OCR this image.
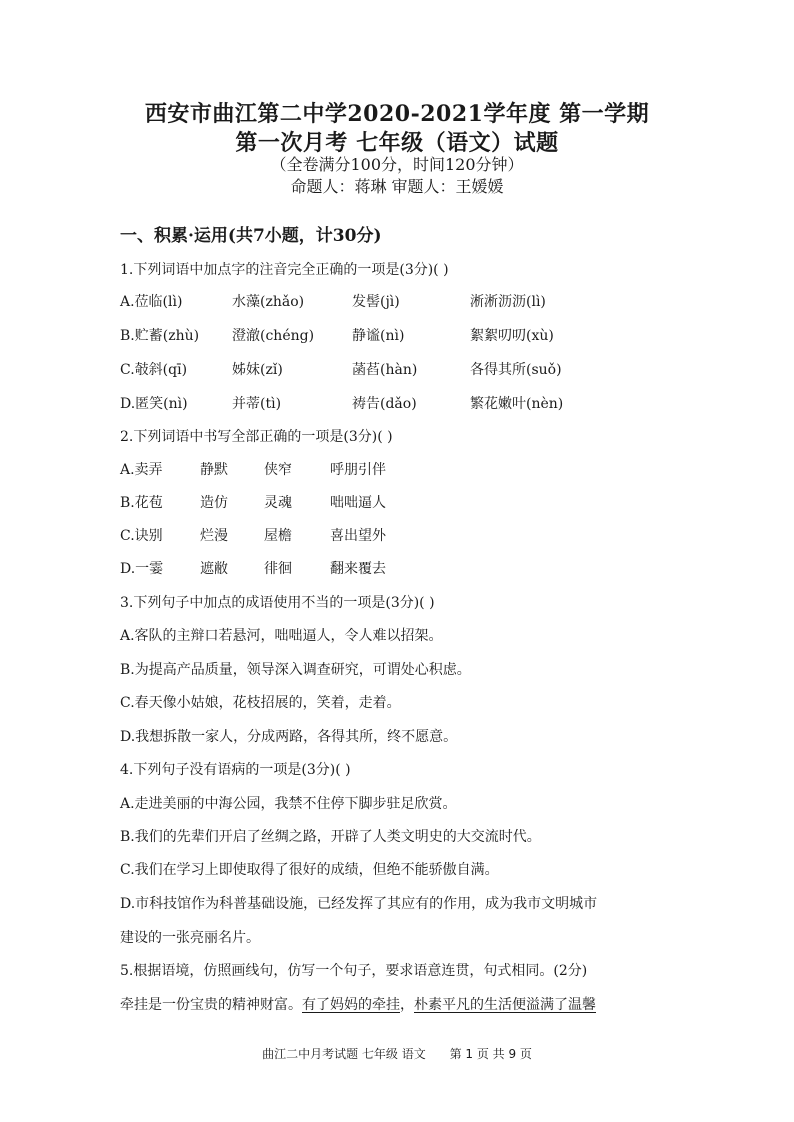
西安市曲江第二中学2020-2021学年度 第一学期
第一次月考 七年级（语文）试题
（全卷满分100分，时间120分钟）
命题人：蒋琳 审题人：王媛媛
一、积累·运用(共7小题，计30分)
1.下列词语中加点字的注音完全正确的一项是(3分)( )
A.莅临(lì)	水藻(zhǎo)	发髻(jì)	淅淅沥沥(lì)
B.贮蓄(zhù) 澄澈(chéng)	静谧(nì)	絮絮叨叨(xù)
C.攲斜(qī)	姊妹(zǐ)	菡萏(hàn)	各得其所(suǒ)
D.匿笑(nì)	并蒂(tì)	祷告(dǎo)	繁花嫩叶(nèn)
2.下列词语中书写全部正确的一项是(3分)( )
A.卖弄	静默	侠窄	呼朋引伴
B.花苞	造仿	灵魂	咄咄逼人
C.诀别	烂漫	屋檐	喜出望外
D.一霎	遮敝	徘徊	翻来覆去
3.下列句子中加点的成语使用不当的一项是(3分)( )
A.客队的主辩口若悬河，咄咄逼人，令人难以招架。
B.为提高产品质量，领导深入调查研究，可谓处心积虑。
C.春天像小姑娘，花枝招展的，笑着，走着。
D.我想拆散一家人，分成两路，各得其所，终不愿意。
4.下列句子没有语病的一项是(3分)( )
A.走进美丽的中海公园，我禁不住停下脚步驻足欣赏。
B.我们的先辈们开启了丝绸之路，开辟了人类文明史的大交流时代。
C.我们在学习上即使取得了很好的成绩，但绝不能骄傲自满。
D.市科技馆作为科普基础设施，已经发挥了其应有的作用，成为我市文明城市
建设的一张亮丽名片。
5.根据语境，仿照画线句，仿写一个句子，要求语意连贯，句式相同。(2分)
牵挂是一份宝贵的精神财富。有了妈妈的牵挂，朴素平凡的生活便溢满了温馨
曲江二中月考试题 七年级 语文 第 1 页 共 9 页
